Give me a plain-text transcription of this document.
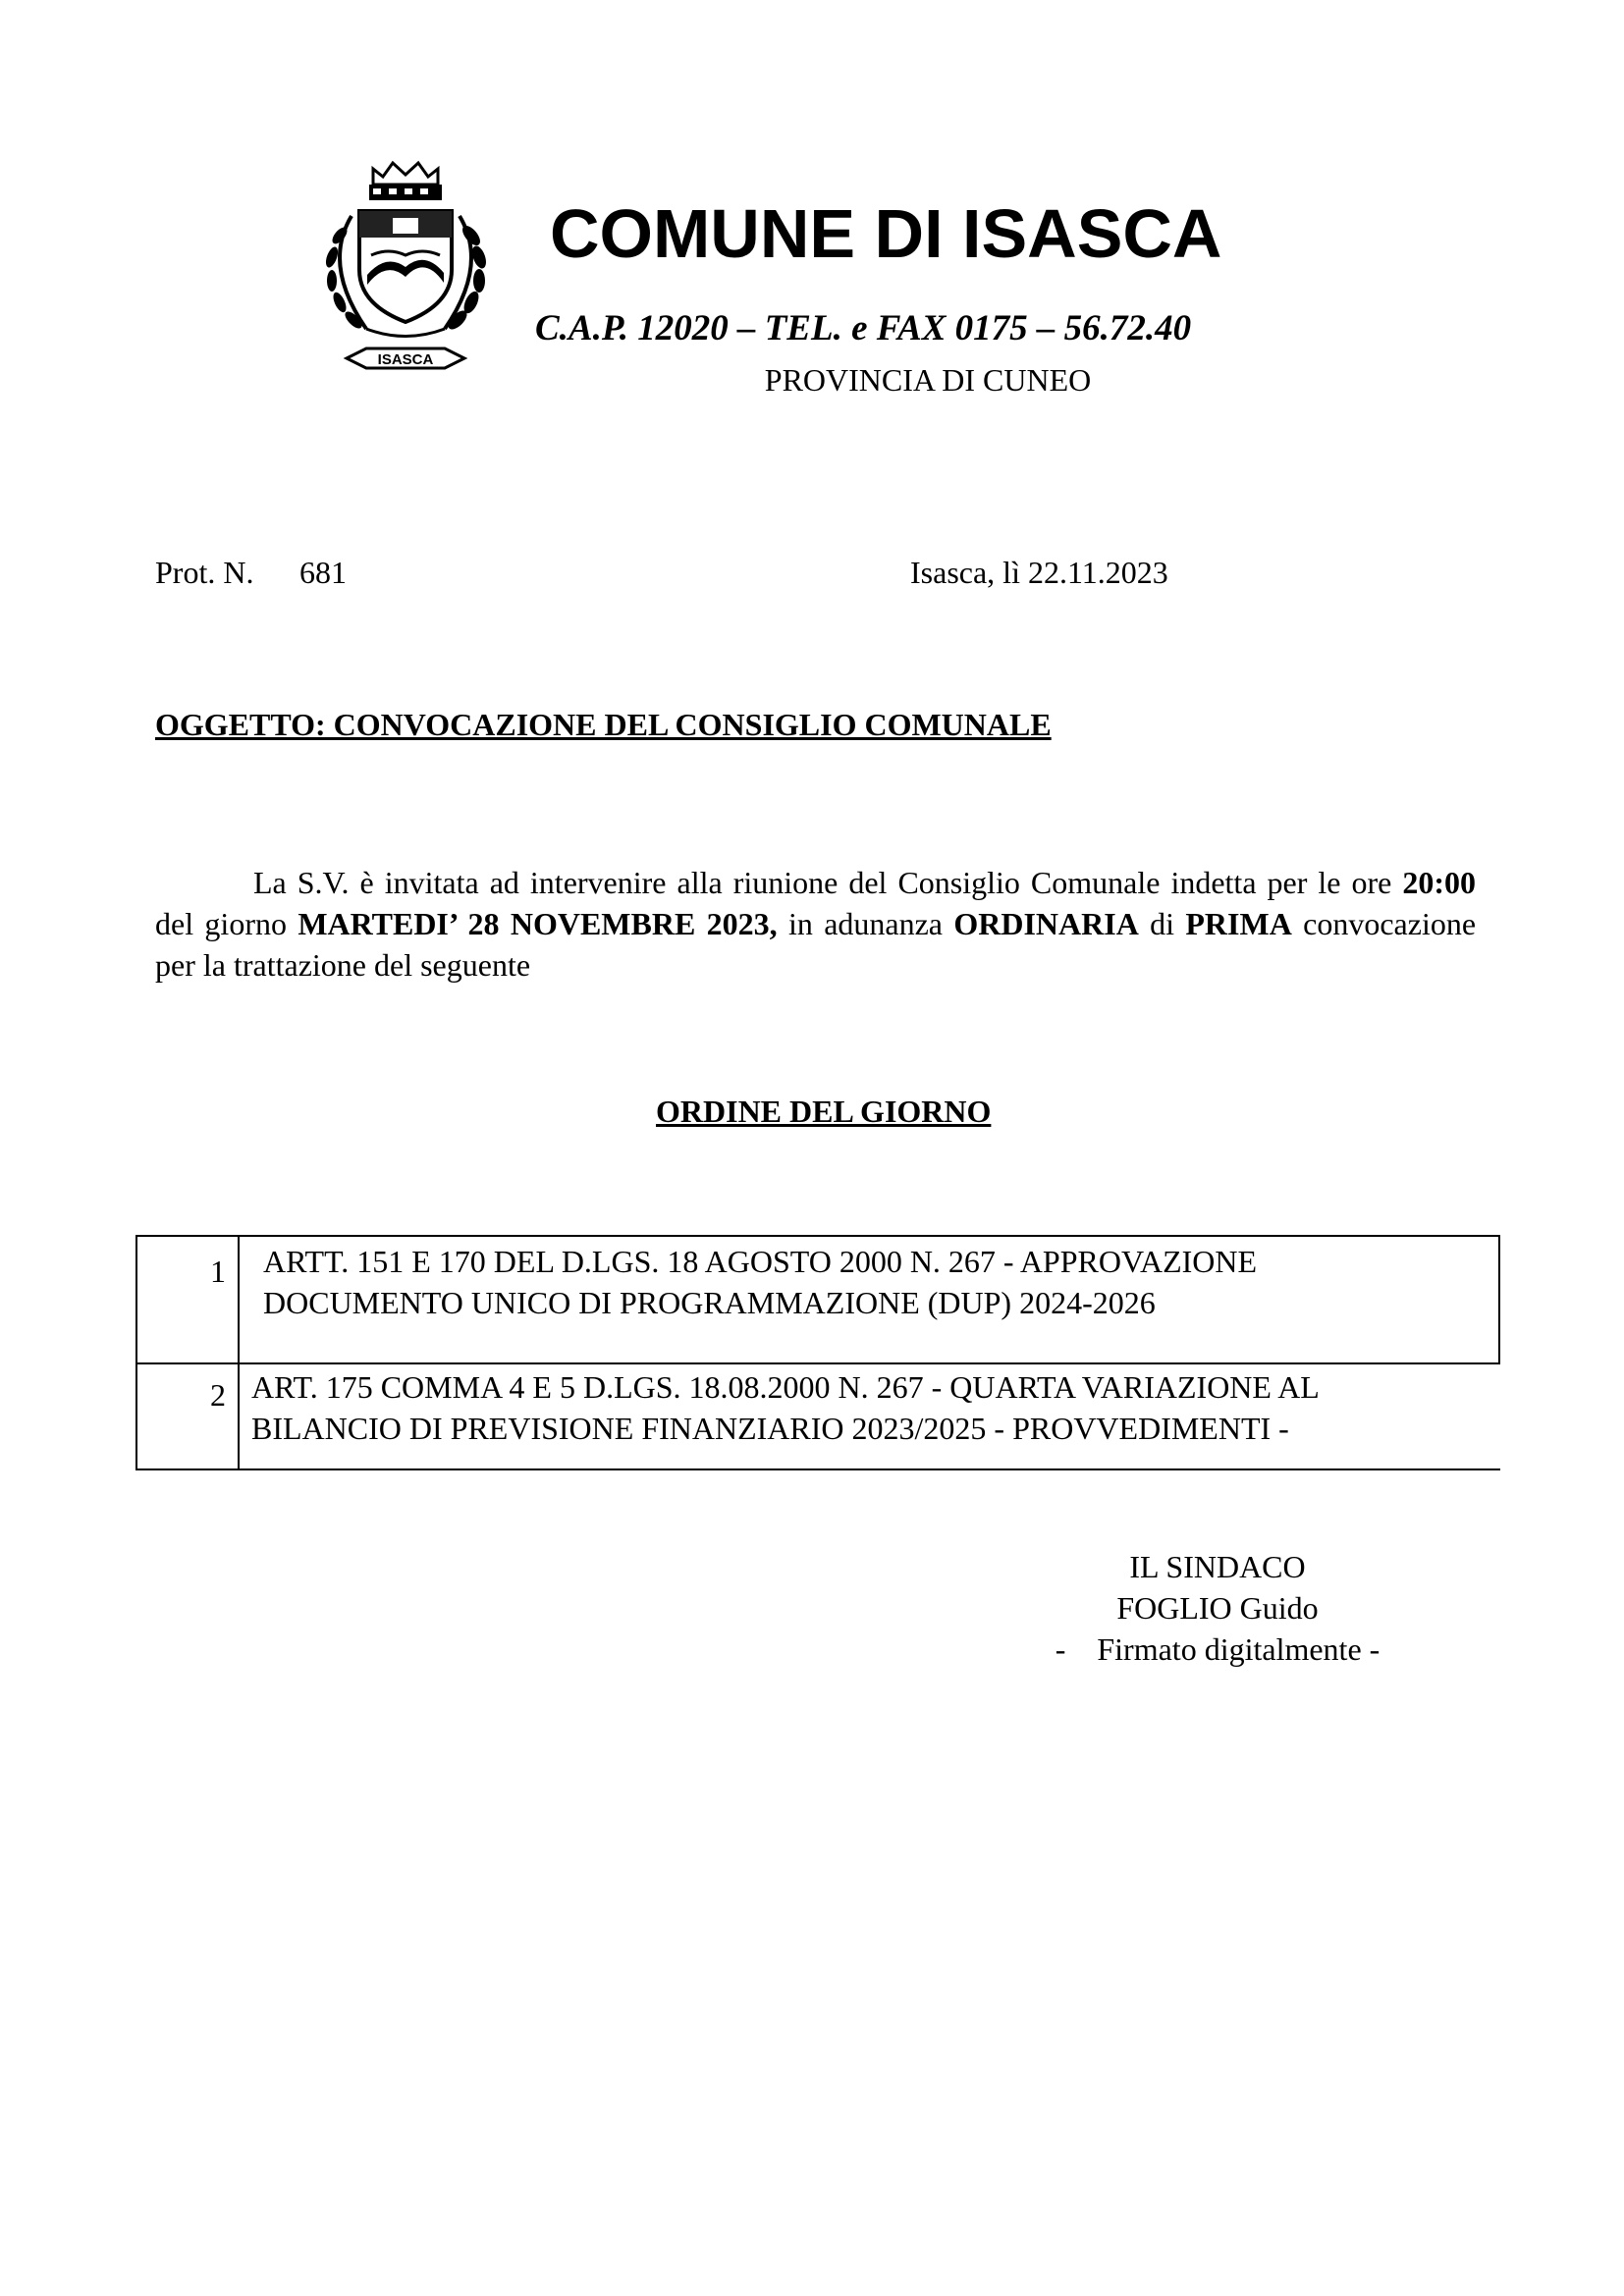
ISASCA
COMUNE DI ISASCA
C.A.P. 12020 – TEL. e FAX 0175 – 56.72.40
PROVINCIA DI CUNEO
Prot. N. 681	Isasca, lì 22.11.2023
OGGETTO: CONVOCAZIONE DEL CONSIGLIO COMUNALE
La S.V. è invitata ad intervenire alla riunione del Consiglio Comunale indetta per le ore 20:00 del giorno MARTEDI’ 28 NOVEMBRE 2023, in adunanza ORDINARIA di PRIMA convocazione per la trattazione del seguente
ORDINE DEL GIORNO
1 ARTT. 151 E 170 DEL D.LGS. 18 AGOSTO 2000 N. 267 - APPROVAZIONE
DOCUMENTO UNICO DI PROGRAMMAZIONE (DUP) 2024-2026
2 ART. 175 COMMA 4 E 5 D.LGS. 18.08.2000 N. 267 - QUARTA VARIAZIONE AL
BILANCIO DI PREVISIONE FINANZIARIO 2023/2025 - PROVVEDIMENTI -
IL SINDACO
FOGLIO Guido
-    Firmato digitalmente -
